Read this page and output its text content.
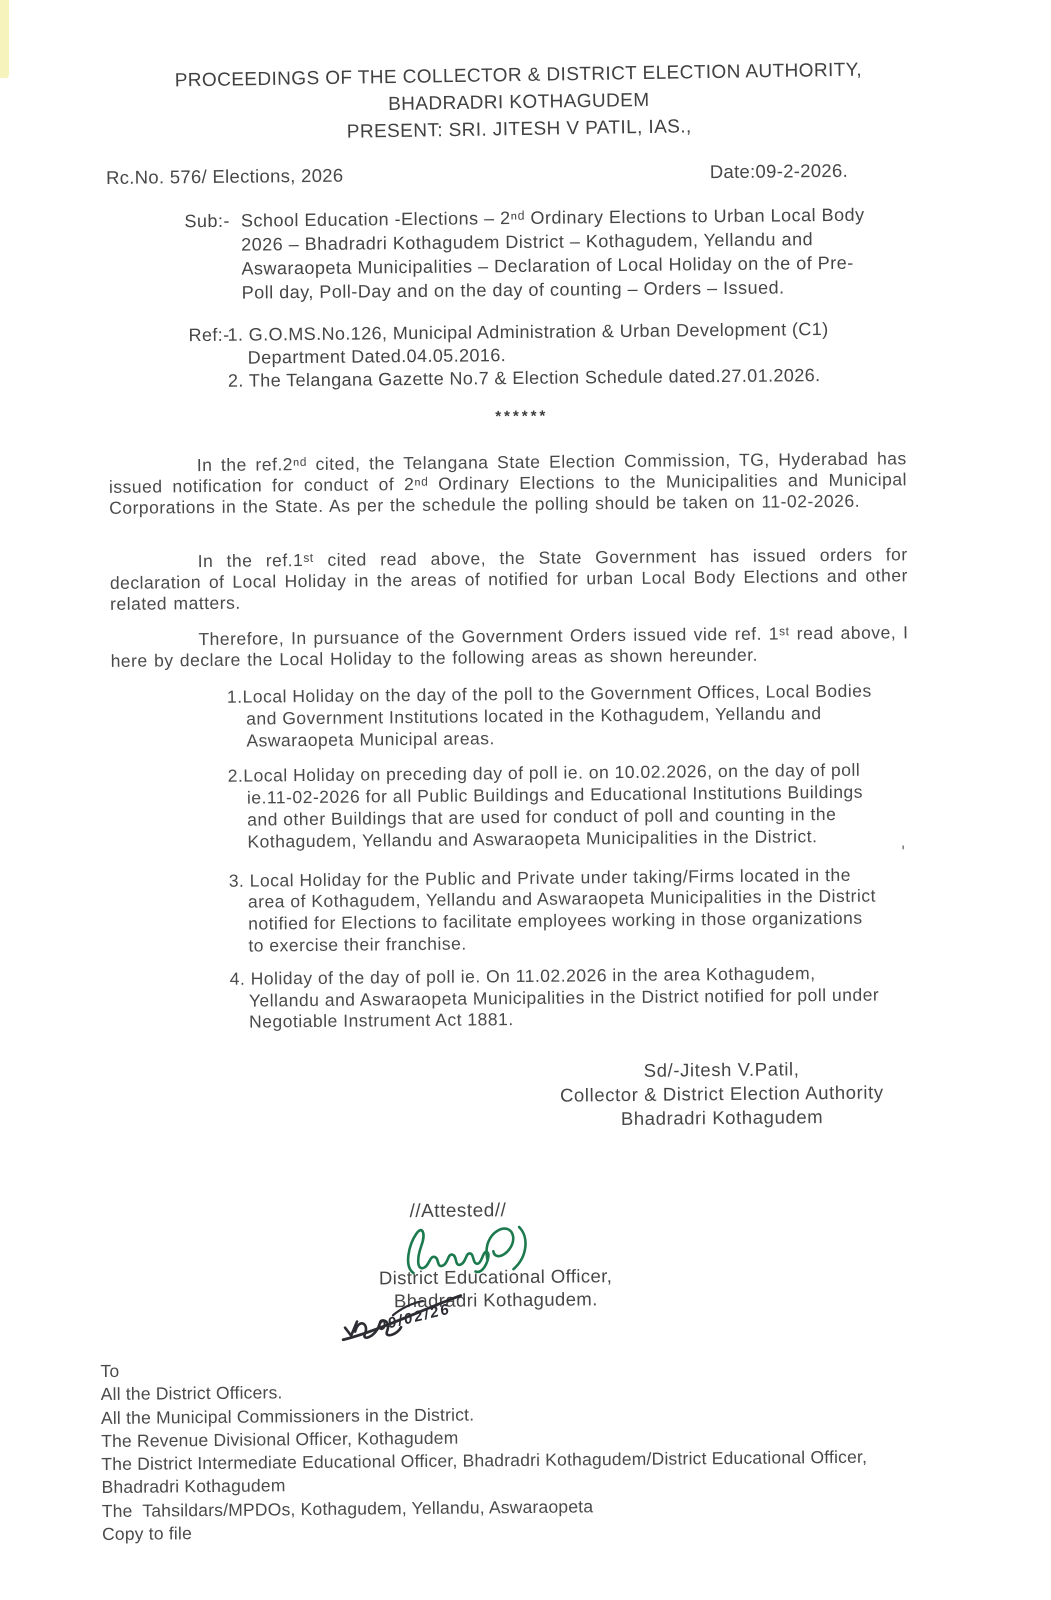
PROCEEDINGS OF THE COLLECTOR & DISTRICT ELECTION AUTHORITY,
BHADRADRI KOTHAGUDEM
PRESENT: SRI. JITESH V PATIL, IAS.,
Rc.No. 576/ Elections, 2026	Date:09-2-2026.
Sub:- School Education -Elections – 2ⁿᵈ Ordinary Elections to Urban Local Body 2026 – Bhadradri Kothagudem District – Kothagudem, Yellandu and Aswaraopeta Municipalities – Declaration of Local Holiday on the of Pre-Poll day, Poll-Day and on the day of counting – Orders – Issued.
Ref:-
1. G.O.MS.No.126, Municipal Administration & Urban Development (C1) Department Dated.04.05.2016.
2. The Telangana Gazette No.7 & Election Schedule dated.27.01.2026.
******

In the ref.2ⁿᵈ cited, the Telangana State Election Commission, TG, Hyderabad has issued notification for conduct of 2ⁿᵈ Ordinary Elections to the Municipalities and Municipal Corporations in the State. As per the schedule the polling should be taken on 11-02-2026.

In the ref.1ˢᵗ cited read above, the State Government has issued orders for declaration of Local Holiday in the areas of notified for urban Local Body Elections and other related matters.

Therefore, In pursuance of the Government Orders issued vide ref. 1ˢᵗ read above, I here by declare the Local Holiday to the following areas as shown hereunder.

1.Local Holiday on the day of the poll to the Government Offices, Local Bodies and Government Institutions located in the Kothagudem, Yellandu and Aswaraopeta Municipal areas.
2.Local Holiday on preceding day of poll ie. on 10.02.2026, on the day of poll ie.11-02-2026 for all Public Buildings and Educational Institutions Buildings and other Buildings that are used for conduct of poll and counting in the Kothagudem, Yellandu and Aswaraopeta Municipalities in the District.
3. Local Holiday for the Public and Private under taking/Firms located in the area of Kothagudem, Yellandu and Aswaraopeta Municipalities in the District notified for Elections to facilitate employees working in those organizations to exercise their franchise.
4. Holiday of the day of poll ie. On 11.02.2026 in the area Kothagudem, Yellandu and Aswaraopeta Municipalities in the District notified for poll under Negotiable Instrument Act 1881.
'
Sd/-Jitesh V.Patil,
Collector & District Election Authority
Bhadradri Kothagudem
//Attested//
District Educational Officer,
Bhadradri Kothagudem.
09/02/26
To
All the District Officers.
All the Municipal Commissioners in the District.
The Revenue Divisional Officer, Kothagudem
The District Intermediate Educational Officer, Bhadradri Kothagudem/District Educational Officer, Bhadradri Kothagudem
The  Tahsildars/MPDOs, Kothagudem, Yellandu, Aswaraopeta
Copy to file
